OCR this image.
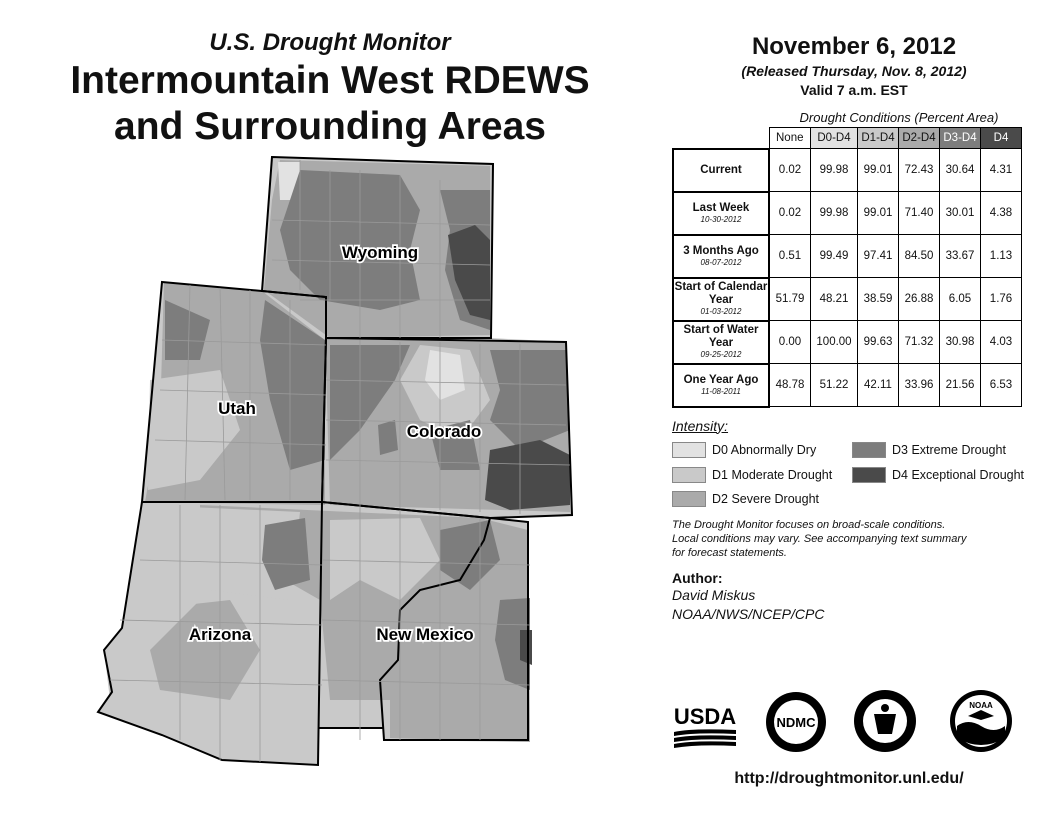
Wyoming
Utah
Colorado
Arizona	New Mexico
U.S. Drought Monitor
Intermountain West RDEWS
and Surrounding Areas
November 6, 2012
(Released Thursday, Nov. 8, 2012)
Valid 7 a.m. EST
Drought Conditions (Percent Area)
	None	D0-D4	D1-D4	D2-D4	D3-D4	D4
Current	0.02	99.98	99.01	72.43	30.64	4.31
Last Week
10-30-2012	0.02	99.98	99.01	71.40	30.01	4.38
3 Months Ago
08-07-2012	0.51	99.49	97.41	84.50	33.67	1.13
Start of Calendar Year
01-03-2012	51.79	48.21	38.59	26.88	6.05	1.76
Start of Water Year
09-25-2012	0.00	100.00	99.63	71.32	30.98	4.03
One Year Ago
11-08-2011	48.78	51.22	42.11	33.96	21.56	6.53
Intensity:
D0 Abnormally Dry
D1 Moderate Drought
D2 Severe Drought
D3 Extreme Drought
D4 Exceptional Drought
The Drought Monitor focuses on broad-scale conditions.
Local conditions may vary. See accompanying text summary
for forecast statements.
Author:
David Miskus
NOAA/NWS/NCEP/CPC
USDA	NDMC
NOAA
http://droughtmonitor.unl.edu/
